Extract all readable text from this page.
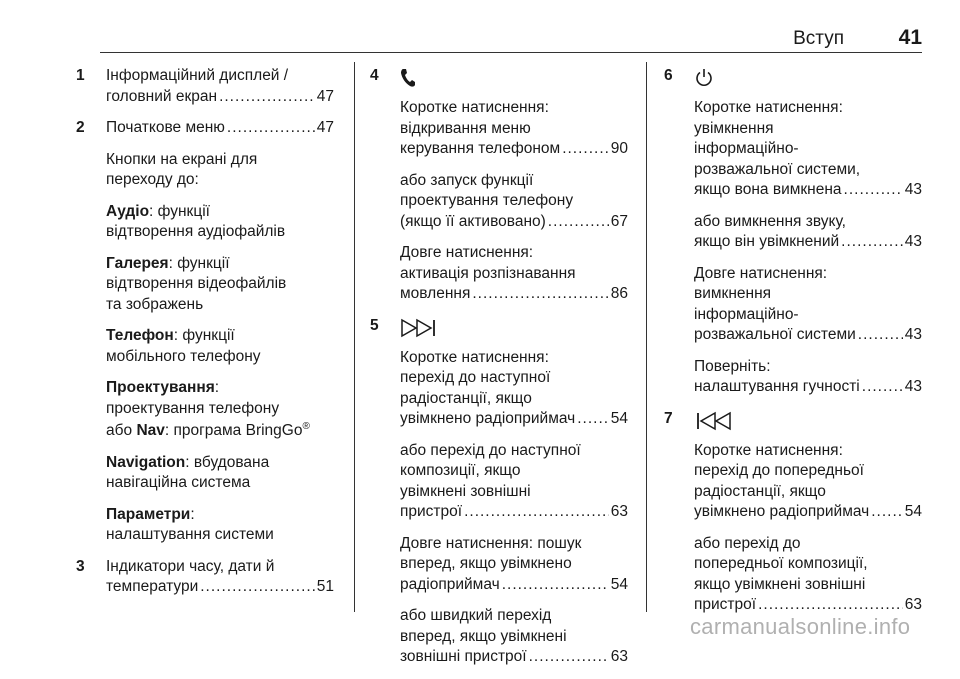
Вступ	41
1	Інформаційний дисплей /
головний екран .....	47
2	Початкове меню .....	47
Кнопки на екрані для
переходу до:
Аудіо: функції
відтворення аудіофайлів
Галерея: функції
відтворення відеофайлів
та зображень
Телефон: функції
мобільного телефону
Проектування:
проектування телефону
або Nav: програма BringGo®
Navigation: вбудована
навігаційна система
Параметри:
налаштування системи
3	Індикатори часу, дати й
температури .....	51
4
Коротке натиснення:
відкривання меню
керування телефоном .....	90
або запуск функції
проектування телефону
(якщо її активовано) .....	67
Довге натиснення:
активація розпізнавання
мовлення .....	86
5
Коротке натиснення:
перехід до наступної
радіостанції, якщо
увімкнено радіоприймач ..... 54
або перехід до наступної
композиції, якщо
увімкнені зовнішні
пристрої .....	63
Довге натиснення: пошук
вперед, якщо увімкнено
радіоприймач .....	54
або швидкий перехід
вперед, якщо увімкнені
зовнішні пристрої .....	63
6
Коротке натиснення:
увімкнення
інформаційно-
розважальної системи,
якщо вона вимкнена .....	43
або вимкнення звуку,
якщо він увімкнений .....	43
Довге натиснення:
вимкнення
інформаційно-
розважальної системи .....	43
Поверніть:
налаштування гучності .....	43
7
Коротке натиснення:
перехід до попередньої
радіостанції, якщо
увімкнено радіоприймач ..... 54
або перехід до
попередньої композиції,
якщо увімкнені зовнішні
пристрої .....	63
carmanualsonline.info
